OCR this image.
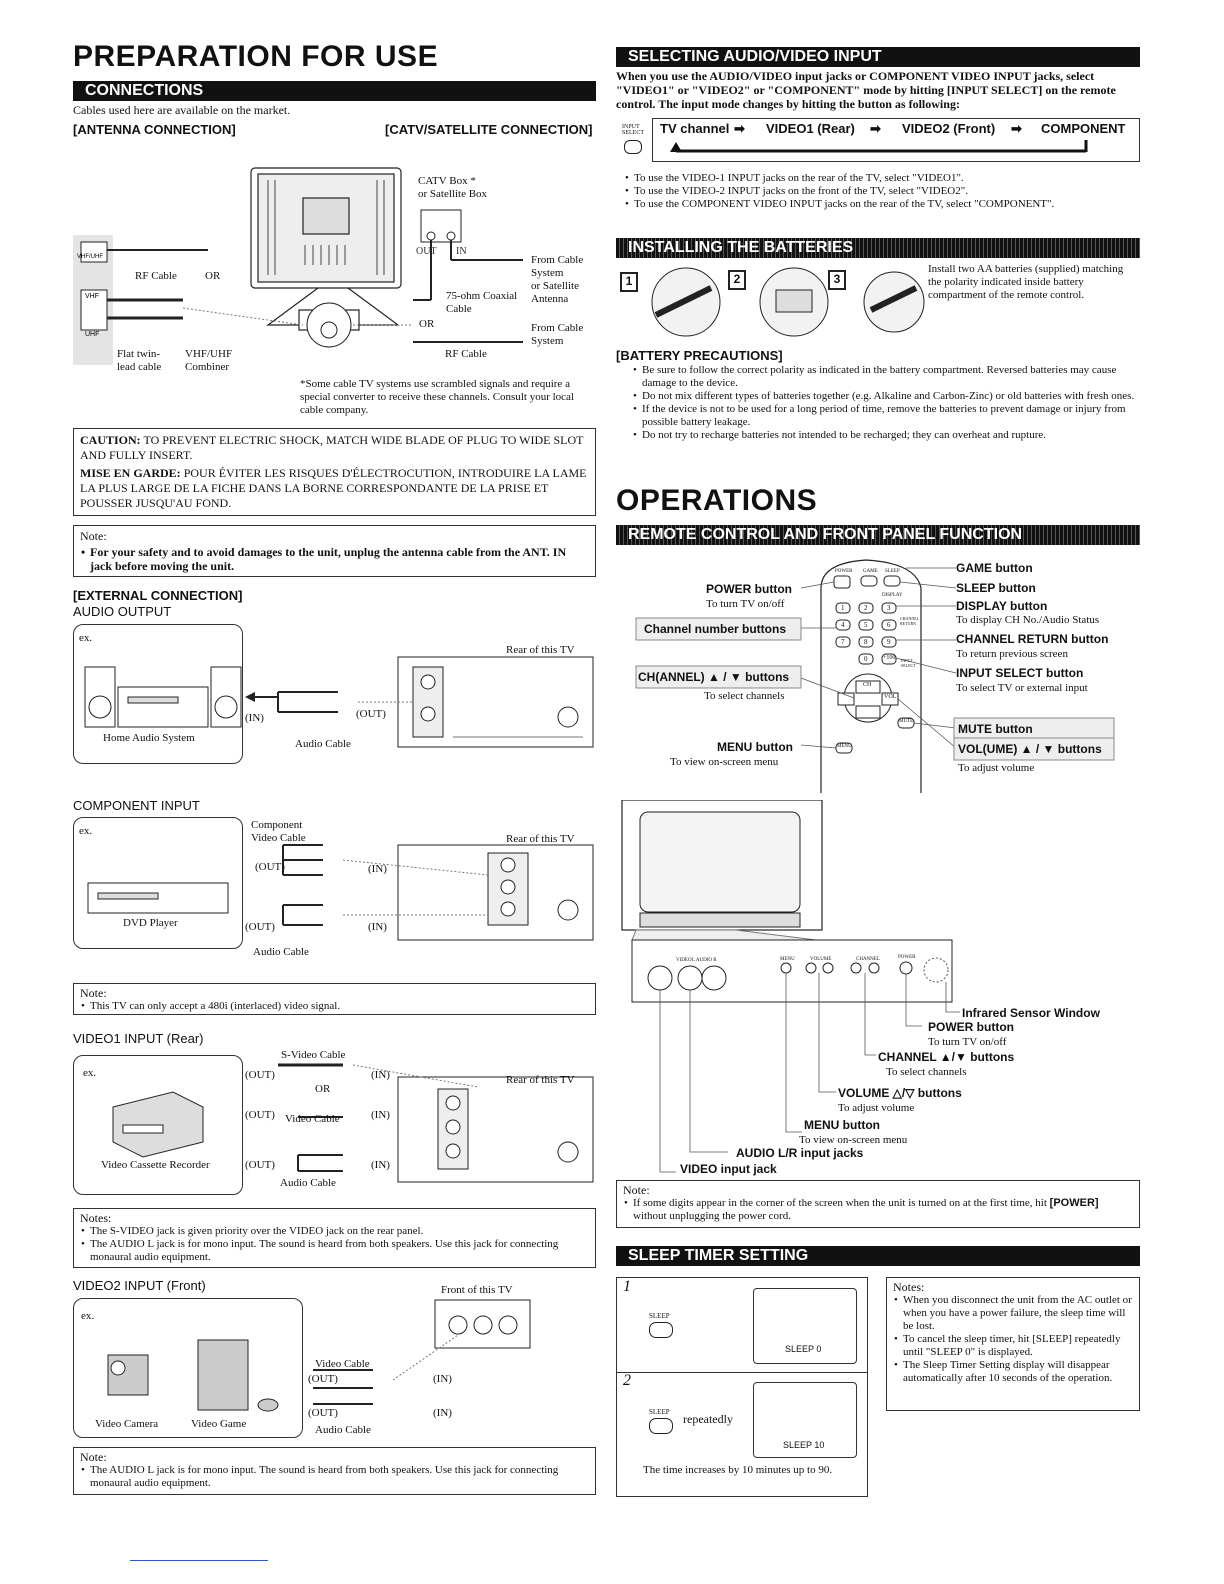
PREPARATION FOR USE
CONNECTIONS
Cables used here are available on the market.
[ANTENNA CONNECTION]	[CATV/SATELLITE CONNECTION]
VHF/UHF
VHF
UHF
CATV Box *
or Satellite Box
OUT IN
From Cable System
or Satellite Antenna
75-ohm Coaxial Cable
OR	From Cable System
RF Cable
RF Cable	OR
Flat twin-lead cable
VHF/UHF Combiner
*Some cable TV systems use scrambled signals and require a special converter to receive these channels. Consult your local cable company.
CAUTION: TO PREVENT ELECTRIC SHOCK, MATCH WIDE BLADE OF PLUG TO WIDE SLOT AND FULLY INSERT.
MISE EN GARDE: POUR ÉVITER LES RISQUES D'ÉLECTROCUTION, INTRODUIRE LA LAME LA PLUS LARGE DE LA FICHE DANS LA BORNE CORRESPONDANTE DE LA PRISE ET POUSSER JUSQU'AU FOND.
Note:
• For your safety and to avoid damages to the unit, unplug the antenna cable from the ANT. IN jack before moving the unit.
[EXTERNAL CONNECTION]
AUDIO OUTPUT
ex.
Home Audio System
(IN)	(OUT)
Audio Cable
Rear of this TV
COMPONENT INPUT
ex.	Component Video Cable
(OUT)	(IN)
(OUT)	(IN)
Audio Cable
DVD Player
Rear of this TV
Note:
• This TV can only accept a 480i (interlaced) video signal.
VIDEO1 INPUT (Rear)
ex.
S-Video Cable
(OUT)	(IN)
OR
(OUT) Video Cable	(IN)
(OUT)	(IN)
Audio Cable
Video Cassette Recorder
Rear of this TV
Notes:
• The S-VIDEO jack is given priority over the VIDEO jack on the rear panel.
• The AUDIO L jack is for mono input. The sound is heard from both speakers. Use this jack for connecting monaural audio equipment.
VIDEO2 INPUT (Front)
ex.
Front of this TV
Video Cable
(OUT)	(IN)
(OUT)	(IN)
Audio Cable
Video Camera	Video Game
Note:
• The AUDIO L jack is for mono input. The sound is heard from both speakers. Use this jack for connecting monaural audio equipment.
SELECTING AUDIO/VIDEO INPUT
When you use the AUDIO/VIDEO input jacks or COMPONENT VIDEO INPUT jacks, select "VIDEO1" or "VIDEO2" or "COMPONENT" mode by hitting [INPUT SELECT] on the remote control. The input mode changes by hitting the button as following:
INPUT SELECT	TV channel ➡ VIDEO1 (Rear) ➡ VIDEO2 (Front) ➡ COMPONENT
• To use the VIDEO-1 INPUT jacks on the rear of the TV, select "VIDEO1".
• To use the VIDEO-2 INPUT jacks on the front of the TV, select "VIDEO2".
• To use the COMPONENT VIDEO INPUT jacks on the rear of the TV, select "COMPONENT".
INSTALLING THE BATTERIES
1	2	3
Install two AA batteries (supplied) matching the polarity indicated inside battery compartment of the remote control.
[BATTERY PRECAUTIONS]
• Be sure to follow the correct polarity as indicated in the battery compartment. Reversed batteries may cause damage to the device.
• Do not mix different types of batteries together (e.g. Alkaline and Carbon-Zinc) or old batteries with fresh ones.
• If the device is not to be used for a long period of time, remove the batteries to prevent damage or injury from possible battery leakage.
• Do not try to recharge batteries not intended to be recharged; they can overheat and rupture.
OPERATIONS
REMOTE CONTROL AND FRONT PANEL FUNCTION
POWER button
To turn TV on/off
Channel number buttons
CH(ANNEL) ▲ / ▼ buttons
To select channels
MENU button
To view on-screen menu
GAME button
SLEEP button
DISPLAY button
To display CH No./Audio Status
CHANNEL RETURN button
To return previous screen
INPUT SELECT button
To select TV or external input
MUTE button
VOL(UME) ▲ / ▼ buttons
To adjust volume
POWER GAME SLEEP
DISPLAY
1	2	3
4	5	6
7	8	9
0	+100
CH
VOL
MUTE
MENU
INPUT SELECT
CHANNEL RETURN
VIDEO L AUDIO R	MENU	VOLUME	CHANNEL	POWER
Infrared Sensor Window
POWER button
To turn TV on/off
CHANNEL ▲/▼ buttons
To select channels
VOLUME △/▽ buttons
To adjust volume
MENU button
To view on-screen menu
AUDIO L/R input jacks
VIDEO input jack
Note:
• If some digits appear in the corner of the screen when the unit is turned on at the first time, hit [POWER] without unplugging the power cord.
SLEEP TIMER SETTING
1
2
SLEEP
SLEEP 0
SLEEP repeatedly
SLEEP 10
The time increases by 10 minutes up to 90.
Notes:
• When you disconnect the unit from the AC outlet or when you have a power failure, the sleep time will be lost.
• To cancel the sleep timer, hit [SLEEP] repeatedly until "SLEEP 0" is displayed.
• The Sleep Timer Setting display will disappear automatically after 10 seconds of the operation.
